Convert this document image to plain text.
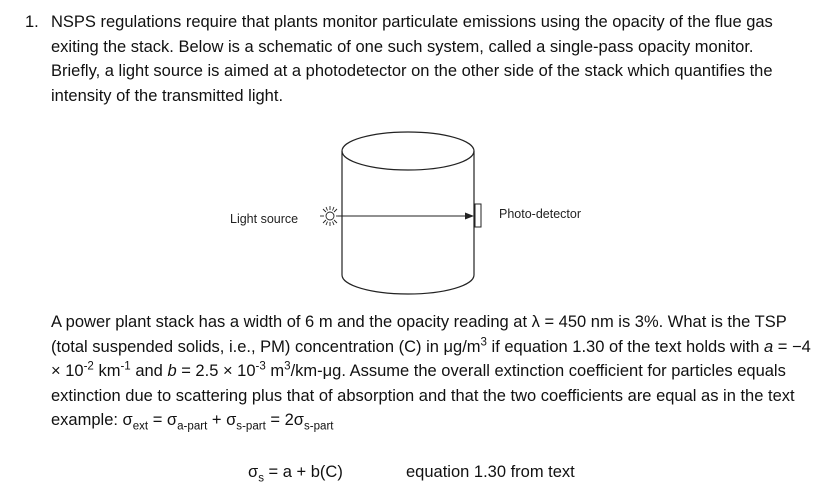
1. NSPS regulations require that plants monitor particulate emissions using the opacity of the flue gas exiting the stack. Below is a schematic of one such system, called a single-pass opacity monitor. Briefly, a light source is aimed at a photodetector on the other side of the stack which quantifies the intensity of the transmitted light.

Light source	Photo-detector

A power plant stack has a width of 6 m and the opacity reading at λ = 450 nm is 3%. What is the TSP (total suspended solids, i.e., PM) concentration (C) in $\mu g/m^3$ if equation 1.30 of the text holds with $a = -4 \times 10^{-2}$ $km^{-1}$ and $b = 2.5 \times 10^{-3}$ $m^3/km-\mu g$. Assume the overall extinction coefficient for particles equals extinction due to scattering plus that of absorption and that the two coefficients are equal as in the text example: $\sigma_{ext} = \sigma_{a-part} + \sigma_{s-part} = 2\sigma_{s-part}$

$\sigma_s = a + b(C)$	equation 1.30 from text
